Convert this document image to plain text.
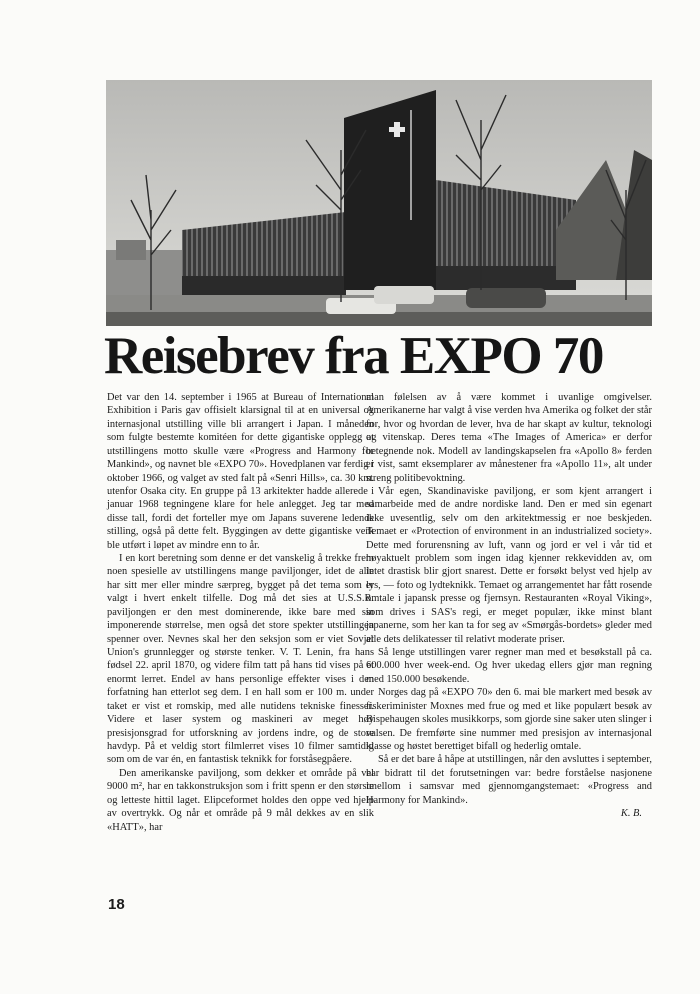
Reisebrev fra EXPO 70

Det var den 14. september i 1965 at Bureau of International Exhibition i Paris gav offisielt klarsignal til at en universal og internasjonal utstilling ville bli arrangert i Japan. I måneden som fulgte bestemte komitéen for dette gigantiske opplegg at utstillingens motto skulle være «Progress and Harmony for Mankind», og navnet ble «EXPO 70». Hovedplanen var ferdig i oktober 1966, og valget av sted falt på «Senri Hills», ca. 30 km. utenfor Osaka city. En gruppe på 13 arkitekter hadde allerede i januar 1968 tegningene klare for hele anlegget. Jeg tar med disse tall, fordi det forteller mye om Japans suverene ledende stilling, også på dette felt. Byggingen av dette gigantiske verk ble utført i løpet av mindre enn to år.

I en kort beretning som denne er det vanskelig å trekke frem noen spesielle av utstillingens mange paviljonger, idet de alle har sitt mer eller mindre særpreg, bygget på det tema som er valgt i hvert enkelt tilfelle. Dog må det sies at U.S.S.R. paviljongen er den mest dominerende, ikke bare med sin imponerende størrelse, men også det store spekter utstillingen spenner over. Nevnes skal her den seksjon som er viet Sovjet Union's grunnlegger og største tenker. V. T. Lenin, fra hans fødsel 22. april 1870, og videre film tatt på hans tid vises på et enormt lerret. Endel av hans personlige effekter vises i den forfatning han etterlot seg dem. I en hall som er 100 m. under taket er vist et romskip, med alle nutidens tekniske finesser. Videre et laser system og maskineri av meget høy presisjonsgrad for utforskning av jordens indre, og de store havdyp. På et veldig stort filmlerret vises 10 filmer samtidig som om de var én, en fantastisk teknikk for forståsegpåere.

Den amerikanske paviljong, som dekker et område på vel 9000 m², har en takkonstruksjon som i fritt spenn er den største og letteste hittil laget. Elipceformet holdes den oppe ved hjelp av overtrykk. Og når et område på 9 mål dekkes av en slik «HATT», har

man følelsen av å være kommet i uvanlige omgivelser. Amerikanerne har valgt å vise verden hva Amerika og folket der står for, hvor og hvordan de lever, hva de har skapt av kultur, teknologi og vitenskap. Deres tema «The Images of America» er derfor betegnende nok. Modell av landingskapselen fra «Apollo 8» ferden er vist, samt eksemplarer av månestener fra «Apollo 11», alt under streng politibevoktning.

Vår egen, Skandinaviske paviljong, er som kjent arrangert i samarbeide med de andre nordiske land. Den er med sin egenart ikke uvesentlig, selv om den arkitektmessig er noe beskjeden. Temaet er «Protection of environment in an industrialized society». Dette med forurensning av luft, vann og jord er vel i vår tid et høyaktuelt problem som ingen idag kjenner rekkevidden av, om intet drastisk blir gjort snarest. Dette er forsøkt belyst ved hjelp av lys, — foto og lydteknikk. Temaet og arrangementet har fått rosende omtale i japansk presse og fjernsyn. Restauranten «Royal Viking», som drives i SAS's regi, er meget populær, ikke minst blant japanerne, som her kan ta for seg av «Smørgås-bordets» gleder med alle dets delikatesser til relativt moderate priser.

Så lenge utstillingen varer regner man med et besøkstall på ca. 600.000 hver week-end. Og hver ukedag ellers gjør man regning med 150.000 besøkende.

Norges dag på «EXPO 70» den 6. mai ble markert med besøk av fiskeriminister Moxnes med frue og med et like populært besøk av Bispehaugen skoles musikkorps, som gjorde sine saker uten slinger i valsen. De fremførte sine nummer med presisjon av internasjonal klasse og høstet berettiget bifall og hederlig omtale.

Så er det bare å håpe at utstillingen, når den avsluttes i september, har bidratt til det forutsetningen var: bedre forståelse nasjonene imellom i samsvar med gjennomgangstemaet: «Progress and Harmony for Mankind».

K. B.
18
